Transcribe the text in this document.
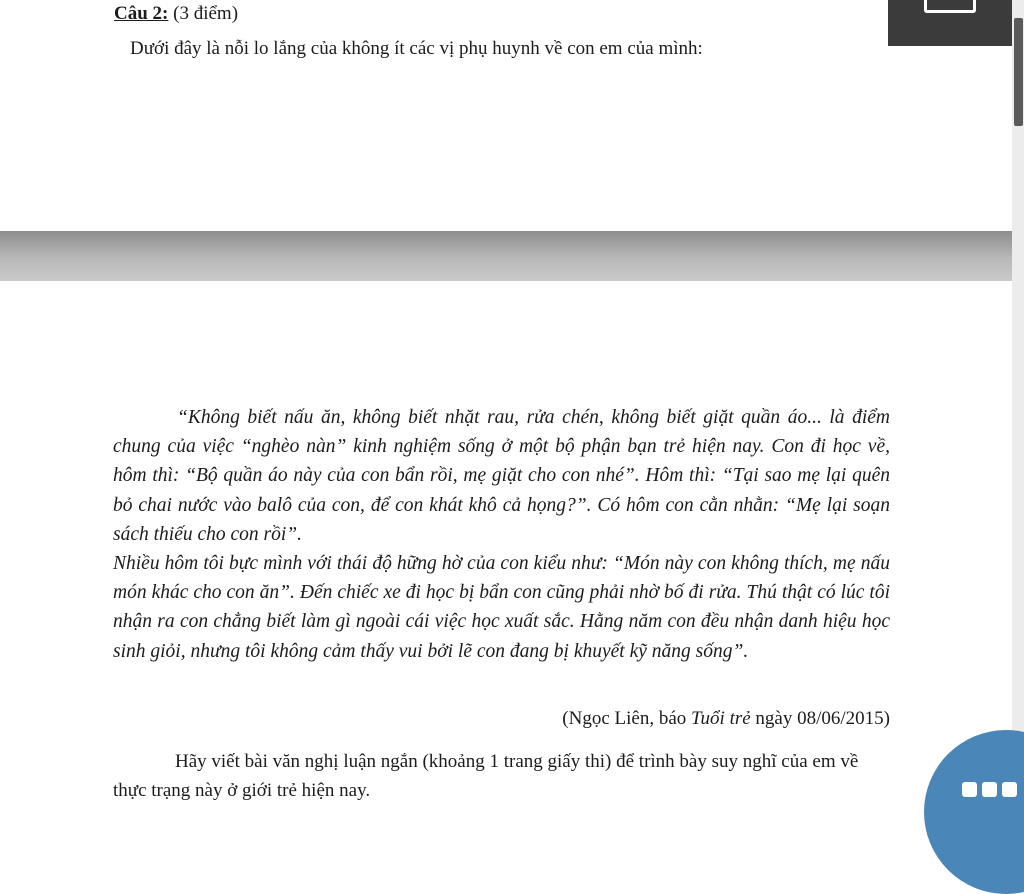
Câu 2: (3 điểm)
Dưới đây là nỗi lo lắng của không ít các vị phụ huynh về con em của mình:

“Không biết nấu ăn, không biết nhặt rau, rửa chén, không biết giặt quần áo... là điểm chung của việc “nghèo nàn” kinh nghiệm sống ở một bộ phận bạn trẻ hiện nay. Con đi học về, hôm thì: “Bộ quần áo này của con bẩn rồi, mẹ giặt cho con nhé”. Hôm thì: “Tại sao mẹ lại quên bỏ chai nước vào balô của con, để con khát khô cả họng?”. Có hôm con cằn nhằn: “Mẹ lại soạn sách thiếu cho con rồi”.

Nhiều hôm tôi bực mình với thái độ hững hờ của con kiểu như: “Món này con không thích, mẹ nấu món khác cho con ăn”. Đến chiếc xe đi học bị bẩn con cũng phải nhờ bố đi rửa. Thú thật có lúc tôi nhận ra con chẳng biết làm gì ngoài cái việc học xuất sắc. Hằng năm con đều nhận danh hiệu học sinh giỏi, nhưng tôi không cảm thấy vui bởi lẽ con đang bị khuyết kỹ năng sống”.

(Ngọc Liên, báo Tuổi trẻ ngày 08/06/2015)

Hãy viết bài văn nghị luận ngắn (khoảng 1 trang giấy thi) để trình bày suy nghĩ của em về thực trạng này ở giới trẻ hiện nay.
